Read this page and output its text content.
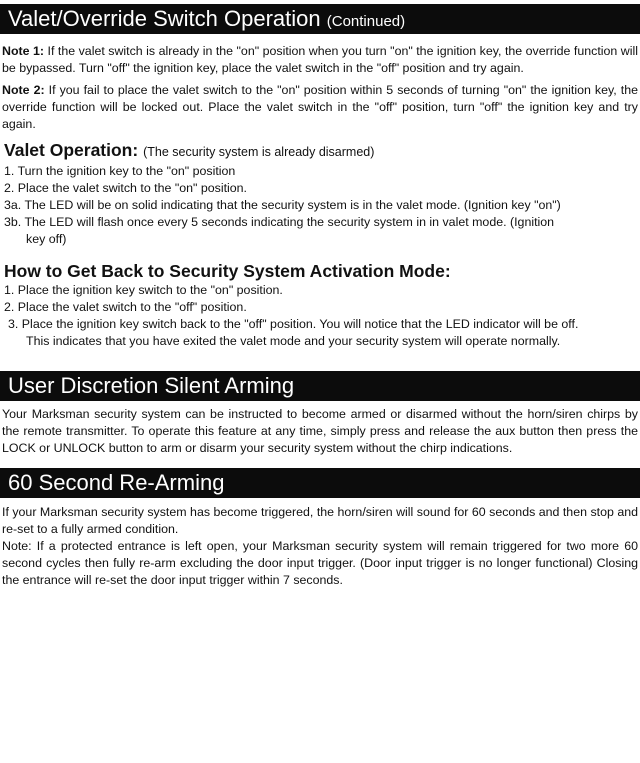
Valet/Override Switch Operation (Continued)

Note 1: If the valet switch is already in the "on" position when you turn "on" the ignition key, the override function will be bypassed. Turn "off" the ignition key, place the valet switch in the "off" position and try again.

Note 2: If you fail to place the valet switch to the "on" position within 5 seconds of turning "on" the ignition key, the override function will be locked out. Place the valet switch in the "off" position, turn "off" the ignition key and try again.

Valet Operation: (The security system is already disarmed)
1. Turn the ignition key to the "on" position
2. Place the valet switch to the "on" position.
3a. The LED will be on solid indicating that the security system is in the valet mode. (Ignition key "on")
3b. The LED will flash once every 5 seconds indicating the security system in in valet mode. (Ignition key off)
How to Get Back to Security System Activation Mode:
1. Place the ignition key switch to the "on" position.
2. Place the valet switch to the "off" position.
3. Place the ignition key switch back to the "off" position. You will notice that the LED indicator will be off. This indicates that you have exited the valet mode and your security system will operate normally.
User Discretion Silent Arming

Your Marksman security system can be instructed to become armed or disarmed without the horn/siren chirps by the remote transmitter. To operate this feature at any time, simply press and release the aux button then press the LOCK or UNLOCK button to arm or disarm your security system without the chirp indications.

60 Second Re-Arming

If your Marksman security system has become triggered, the horn/siren will sound for 60 seconds and then stop and re-set to a fully armed condition.

Note: If a protected entrance is left open, your Marksman security system will remain triggered for two more 60 second cycles then fully re-arm excluding the door input trigger. (Door input trigger is no longer functional) Closing the entrance will re-set the door input trigger within 7 seconds.
